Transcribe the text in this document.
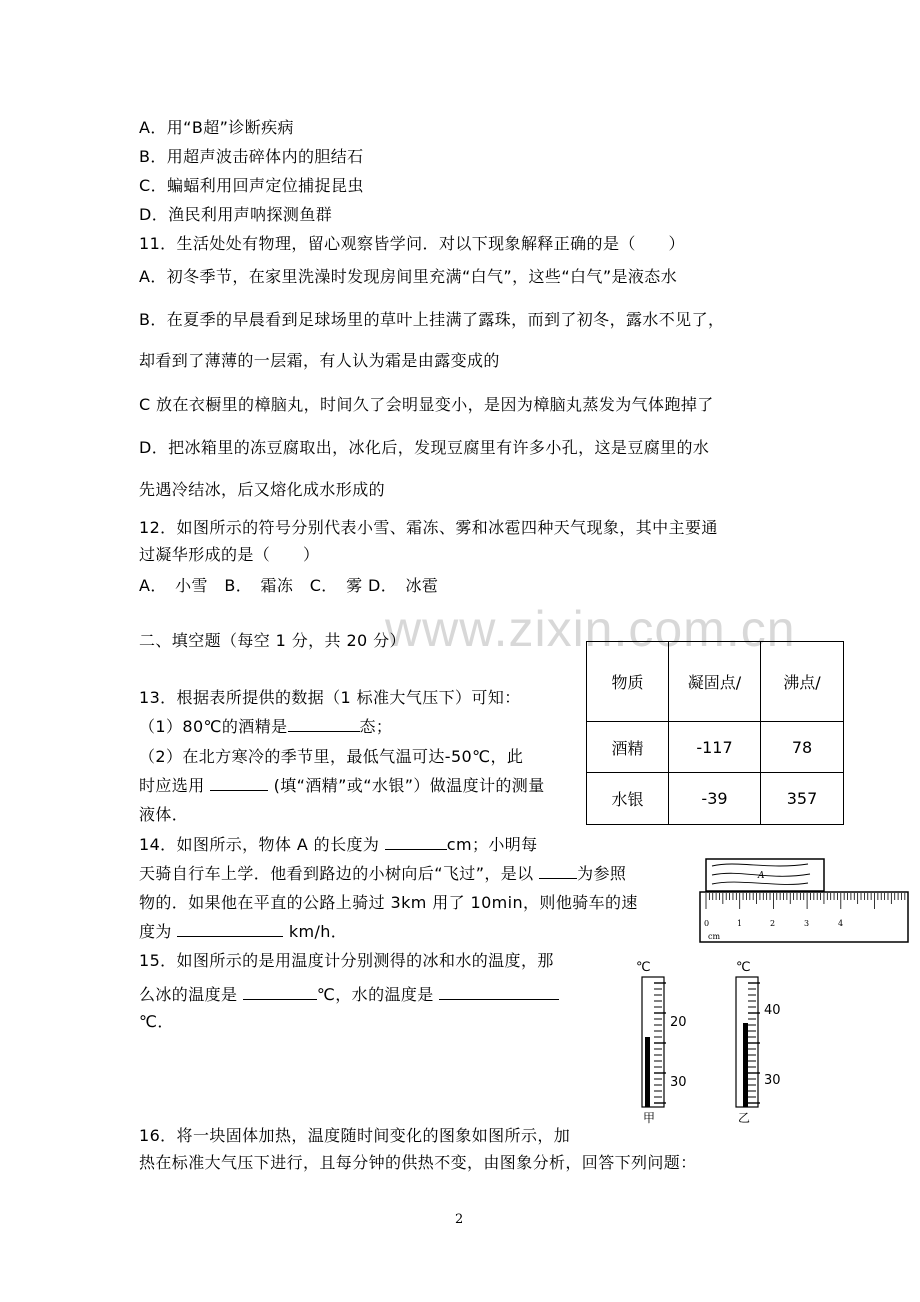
www.zixin.com.cn
A．用“B超”诊断疾病
B．用超声波击碎体内的胆结石
C．蝙蝠利用回声定位捕捉昆虫
D．渔民利用声呐探测鱼群
11．生活处处有物理，留心观察皆学问．对以下现象解释正确的是（　　）
A．初冬季节，在家里洗澡时发现房间里充满“白气”，这些“白气”是液态水
B．在夏季的早晨看到足球场里的草叶上挂满了露珠，而到了初冬，露水不见了，
却看到了薄薄的一层霜，有人认为霜是由露变成的
C 放在衣橱里的樟脑丸，时间久了会明显变小，是因为樟脑丸蒸发为气体跑掉了
D．把冰箱里的冻豆腐取出，冰化后，发现豆腐里有许多小孔，这是豆腐里的水
先遇冷结冰，后又熔化成水形成的
12．如图所示的符号分别代表小雪、霜冻、雾和冰雹四种天气现象，其中主要通
过凝华形成的是（　　）
A．　小雪　B．　霜冻　C．　雾 D．　冰雹
二、填空题（每空 1 分，共 20 分）
13．根据表所提供的数据（1 标准大气压下）可知：
（1）80℃的酒精是	态；
（2）在北方寒冷的季节里，最低气温可达-50℃，此
时应选用	(填“酒精”或“水银”）做温度计的测量
液体．
物质	凝固点/	沸点/
酒精	-117	78
水银	-39	357
14．如图所示，物体 A 的长度为	cm；小明每
天骑自行车上学．他看到路边的小树向后“飞过”，是以	为参照
物的．如果他在平直的公路上骑过 3km 用了 10min，则他骑车的速
度为	km/h．
A
0	1	2	3	4
cm
15．如图所示的是用温度计分别测得的冰和水的温度，那
么冰的温度是	℃，水的温度是
℃．
℃
20
30
甲
℃
40
30
乙
16．将一块固体加热，温度随时间变化的图象如图所示，加
热在标准大气压下进行，且每分钟的供热不变，由图象分析，回答下列问题：
2
